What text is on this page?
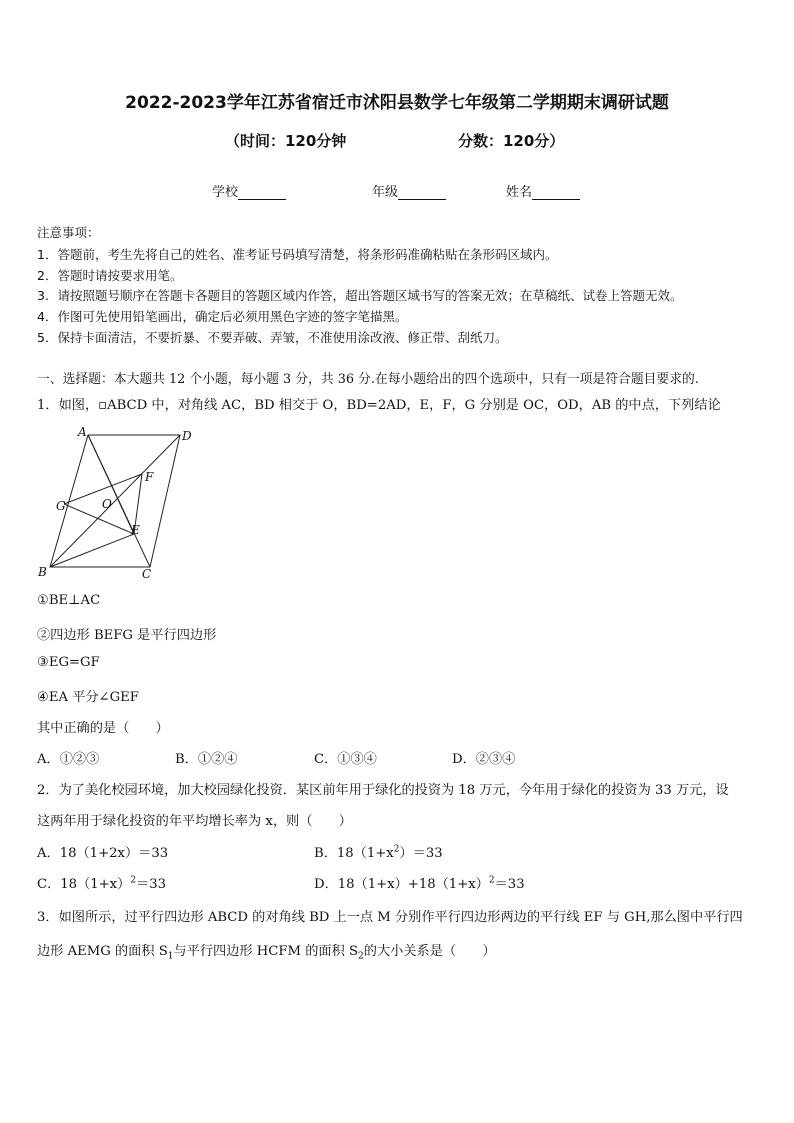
2022-2023学年江苏省宿迁市沭阳县数学七年级第二学期期末调研试题
（时间：120分钟	分数：120分）
学校	年级	姓名
注意事项：
1．答题前，考生先将自己的姓名、准考证号码填写清楚，将条形码准确粘贴在条形码区域内。
2．答题时请按要求用笔。
3．请按照题号顺序在答题卡各题目的答题区域内作答，超出答题区域书写的答案无效；在草稿纸、试卷上答题无效。
4．作图可先使用铅笔画出，确定后必须用黑色字迹的签字笔描黑。
5．保持卡面清洁，不要折暴、不要弄破、弄皱，不准使用涂改液、修正带、刮纸刀。
一、选择题：本大题共 12 个小题，每小题 3 分，共 36 分.在每小题给出的四个选项中，只有一项是符合题目要求的.
1．如图，▫ABCD 中，对角线 AC，BD 相交于 O，BD=2AD，E，F，G 分别是 OC，OD，AB 的中点，下列结论
A	D
F
G	O
E
B	C
①BE⊥AC
②四边形 BEFG 是平行四边形
③EG=GF
④EA 平分∠GEF
其中正确的是（　　）
A．①②③	B．①②④	C．①③④	D．②③④
2．为了美化校园环境，加大校园绿化投资．某区前年用于绿化的投资为 18 万元，今年用于绿化的投资为 33 万元，设
这两年用于绿化投资的年平均增长率为 x，则（　　）
A．18（1+2x）＝33	B．$18(1+x^2)=33$
C．$18(1+x)^2=33$	D．$18(1+x)+18(1+x)^2=33$
3．如图所示，过平行四边形 ABCD 的对角线 BD 上一点 M 分别作平行四边形两边的平行线 EF 与 GH,那么图中平行四
边形 AEMG 的面积 $S_1$与平行四边形 HCFM 的面积 $S_2$的大小关系是（　　）
